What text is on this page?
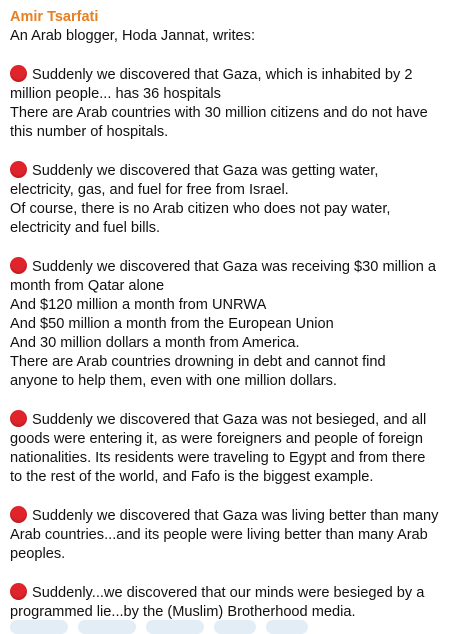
Amir Tsarfati
An Arab blogger, Hoda Jannat, writes:
Suddenly we discovered that Gaza, which is inhabited by 2
million people... has 36 hospitals
There are Arab countries with 30 million citizens and do not have
this number of hospitals.
Suddenly we discovered that Gaza was getting water,
electricity, gas, and fuel for free from Israel.
Of course, there is no Arab citizen who does not pay water,
electricity and fuel bills.
Suddenly we discovered that Gaza was receiving $30 million a
month from Qatar alone
And $120 million a month from UNRWA
And $50 million a month from the European Union
And 30 million dollars a month from America.
There are Arab countries drowning in debt and cannot find
anyone to help them, even with one million dollars.
Suddenly we discovered that Gaza was not besieged, and all
goods were entering it, as were foreigners and people of foreign
nationalities. Its residents were traveling to Egypt and from there
to the rest of the world, and Fafo is the biggest example.
Suddenly we discovered that Gaza was living better than many
Arab countries...and its people were living better than many Arab
peoples.
Suddenly...we discovered that our minds were besieged by a
programmed lie...by the (Muslim) Brotherhood media.
